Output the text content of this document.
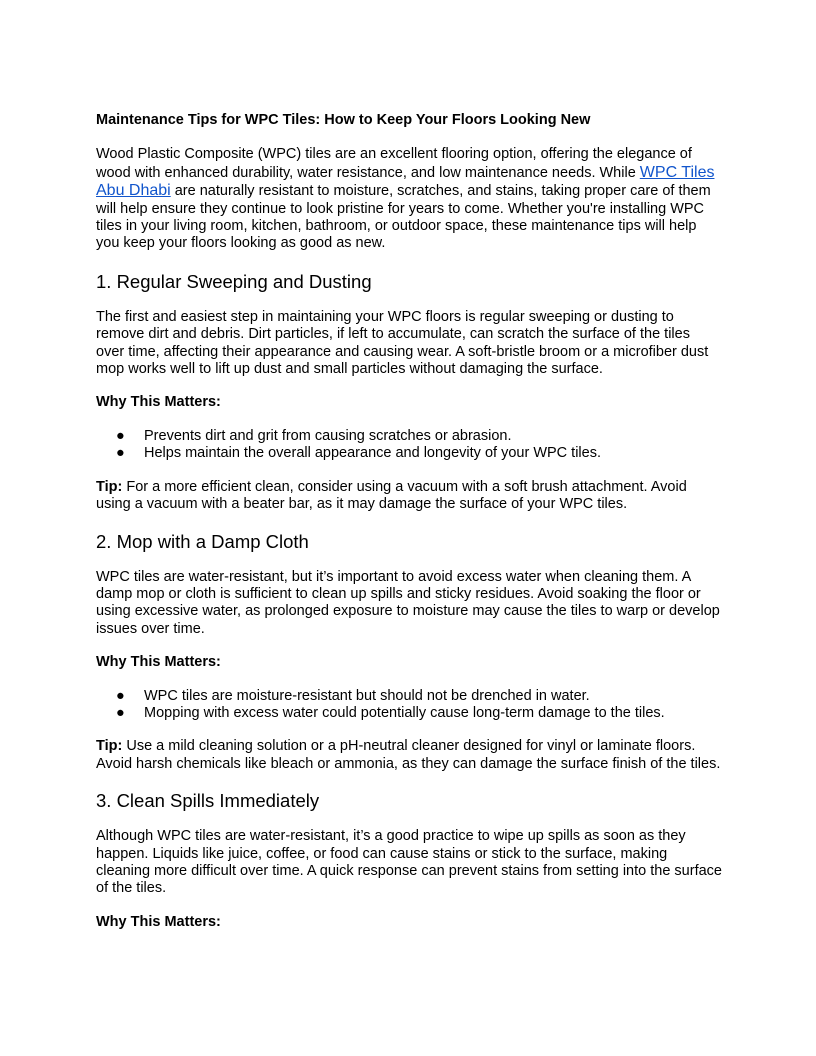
Maintenance Tips for WPC Tiles: How to Keep Your Floors Looking New

Wood Plastic Composite (WPC) tiles are an excellent flooring option, offering the elegance of wood with enhanced durability, water resistance, and low maintenance needs. While WPC Tiles Abu Dhabi are naturally resistant to moisture, scratches, and stains, taking proper care of them will help ensure they continue to look pristine for years to come. Whether you're installing WPC tiles in your living room, kitchen, bathroom, or outdoor space, these maintenance tips will help you keep your floors looking as good as new.

1. Regular Sweeping and Dusting

The first and easiest step in maintaining your WPC floors is regular sweeping or dusting to remove dirt and debris. Dirt particles, if left to accumulate, can scratch the surface of the tiles over time, affecting their appearance and causing wear. A soft-bristle broom or a microfiber dust mop works well to lift up dust and small particles without damaging the surface.

Why This Matters:

● Prevents dirt and grit from causing scratches or abrasion.
● Helps maintain the overall appearance and longevity of your WPC tiles.

Tip: For a more efficient clean, consider using a vacuum with a soft brush attachment. Avoid using a vacuum with a beater bar, as it may damage the surface of your WPC tiles.

2. Mop with a Damp Cloth

WPC tiles are water-resistant, but it’s important to avoid excess water when cleaning them. A damp mop or cloth is sufficient to clean up spills and sticky residues. Avoid soaking the floor or using excessive water, as prolonged exposure to moisture may cause the tiles to warp or develop issues over time.

Why This Matters:

● WPC tiles are moisture-resistant but should not be drenched in water.
● Mopping with excess water could potentially cause long-term damage to the tiles.

Tip: Use a mild cleaning solution or a pH-neutral cleaner designed for vinyl or laminate floors. Avoid harsh chemicals like bleach or ammonia, as they can damage the surface finish of the tiles.

3. Clean Spills Immediately

Although WPC tiles are water-resistant, it’s a good practice to wipe up spills as soon as they happen. Liquids like juice, coffee, or food can cause stains or stick to the surface, making cleaning more difficult over time. A quick response can prevent stains from setting into the surface of the tiles.

Why This Matters:
